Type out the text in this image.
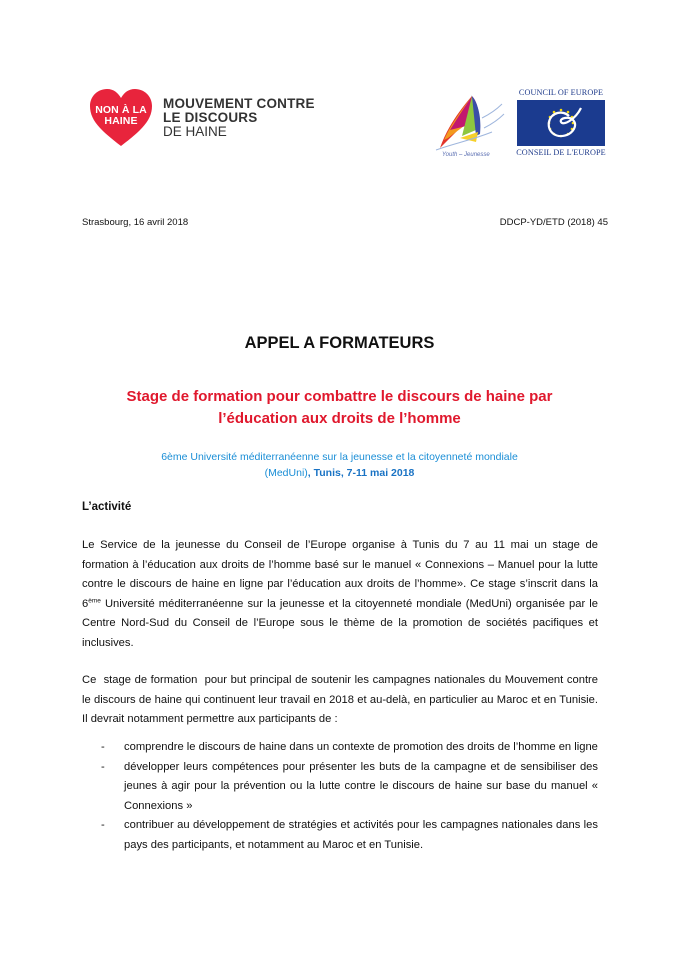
NON À LA
HAINE
MOUVEMENT CONTRE
LE DISCOURS
DE HAINE
Youth – Jeunesse
COUNCIL OF EUROPE
CONSEIL DE L'EUROPE
Strasbourg, 16 avril 2018	DDCP-YD/ETD (2018) 45
APPEL A FORMATEURS
Stage de formation pour combattre le discours de haine par
l’éducation aux droits de l’homme
6ème Université méditerranéenne sur la jeunesse et la citoyenneté mondiale
(MedUni), Tunis, 7-11 mai 2018
L’activité
Le Service de la jeunesse du Conseil de l’Europe organise à Tunis du 7 au 11 mai un stage de formation à l’éducation aux droits de l’homme basé sur le manuel « Connexions – Manuel pour la lutte contre le discours de haine en ligne par l’éducation aux droits de l’homme». Ce stage s’inscrit dans la 6ème Université méditerranéenne sur la jeunesse et la citoyenneté mondiale (MedUni) organisée par le Centre Nord-Sud du Conseil de l’Europe sous le thème de la promotion de sociétés pacifiques et inclusives.
Ce  stage de formation  pour but principal de soutenir les campagnes nationales du Mouvement contre le discours de haine qui continuent leur travail en 2018 et au-delà, en particulier au Maroc et en Tunisie. Il devrait notamment permettre aux participants de :
- comprendre le discours de haine dans un contexte de promotion des droits de l’homme en ligne
- développer leurs compétences pour présenter les buts de la campagne et de sensibiliser des jeunes à agir pour la prévention ou la lutte contre le discours de haine sur base du manuel « Connexions »
- contribuer au développement de stratégies et activités pour les campagnes nationales dans les pays des participants, et notamment au Maroc et en Tunisie.
